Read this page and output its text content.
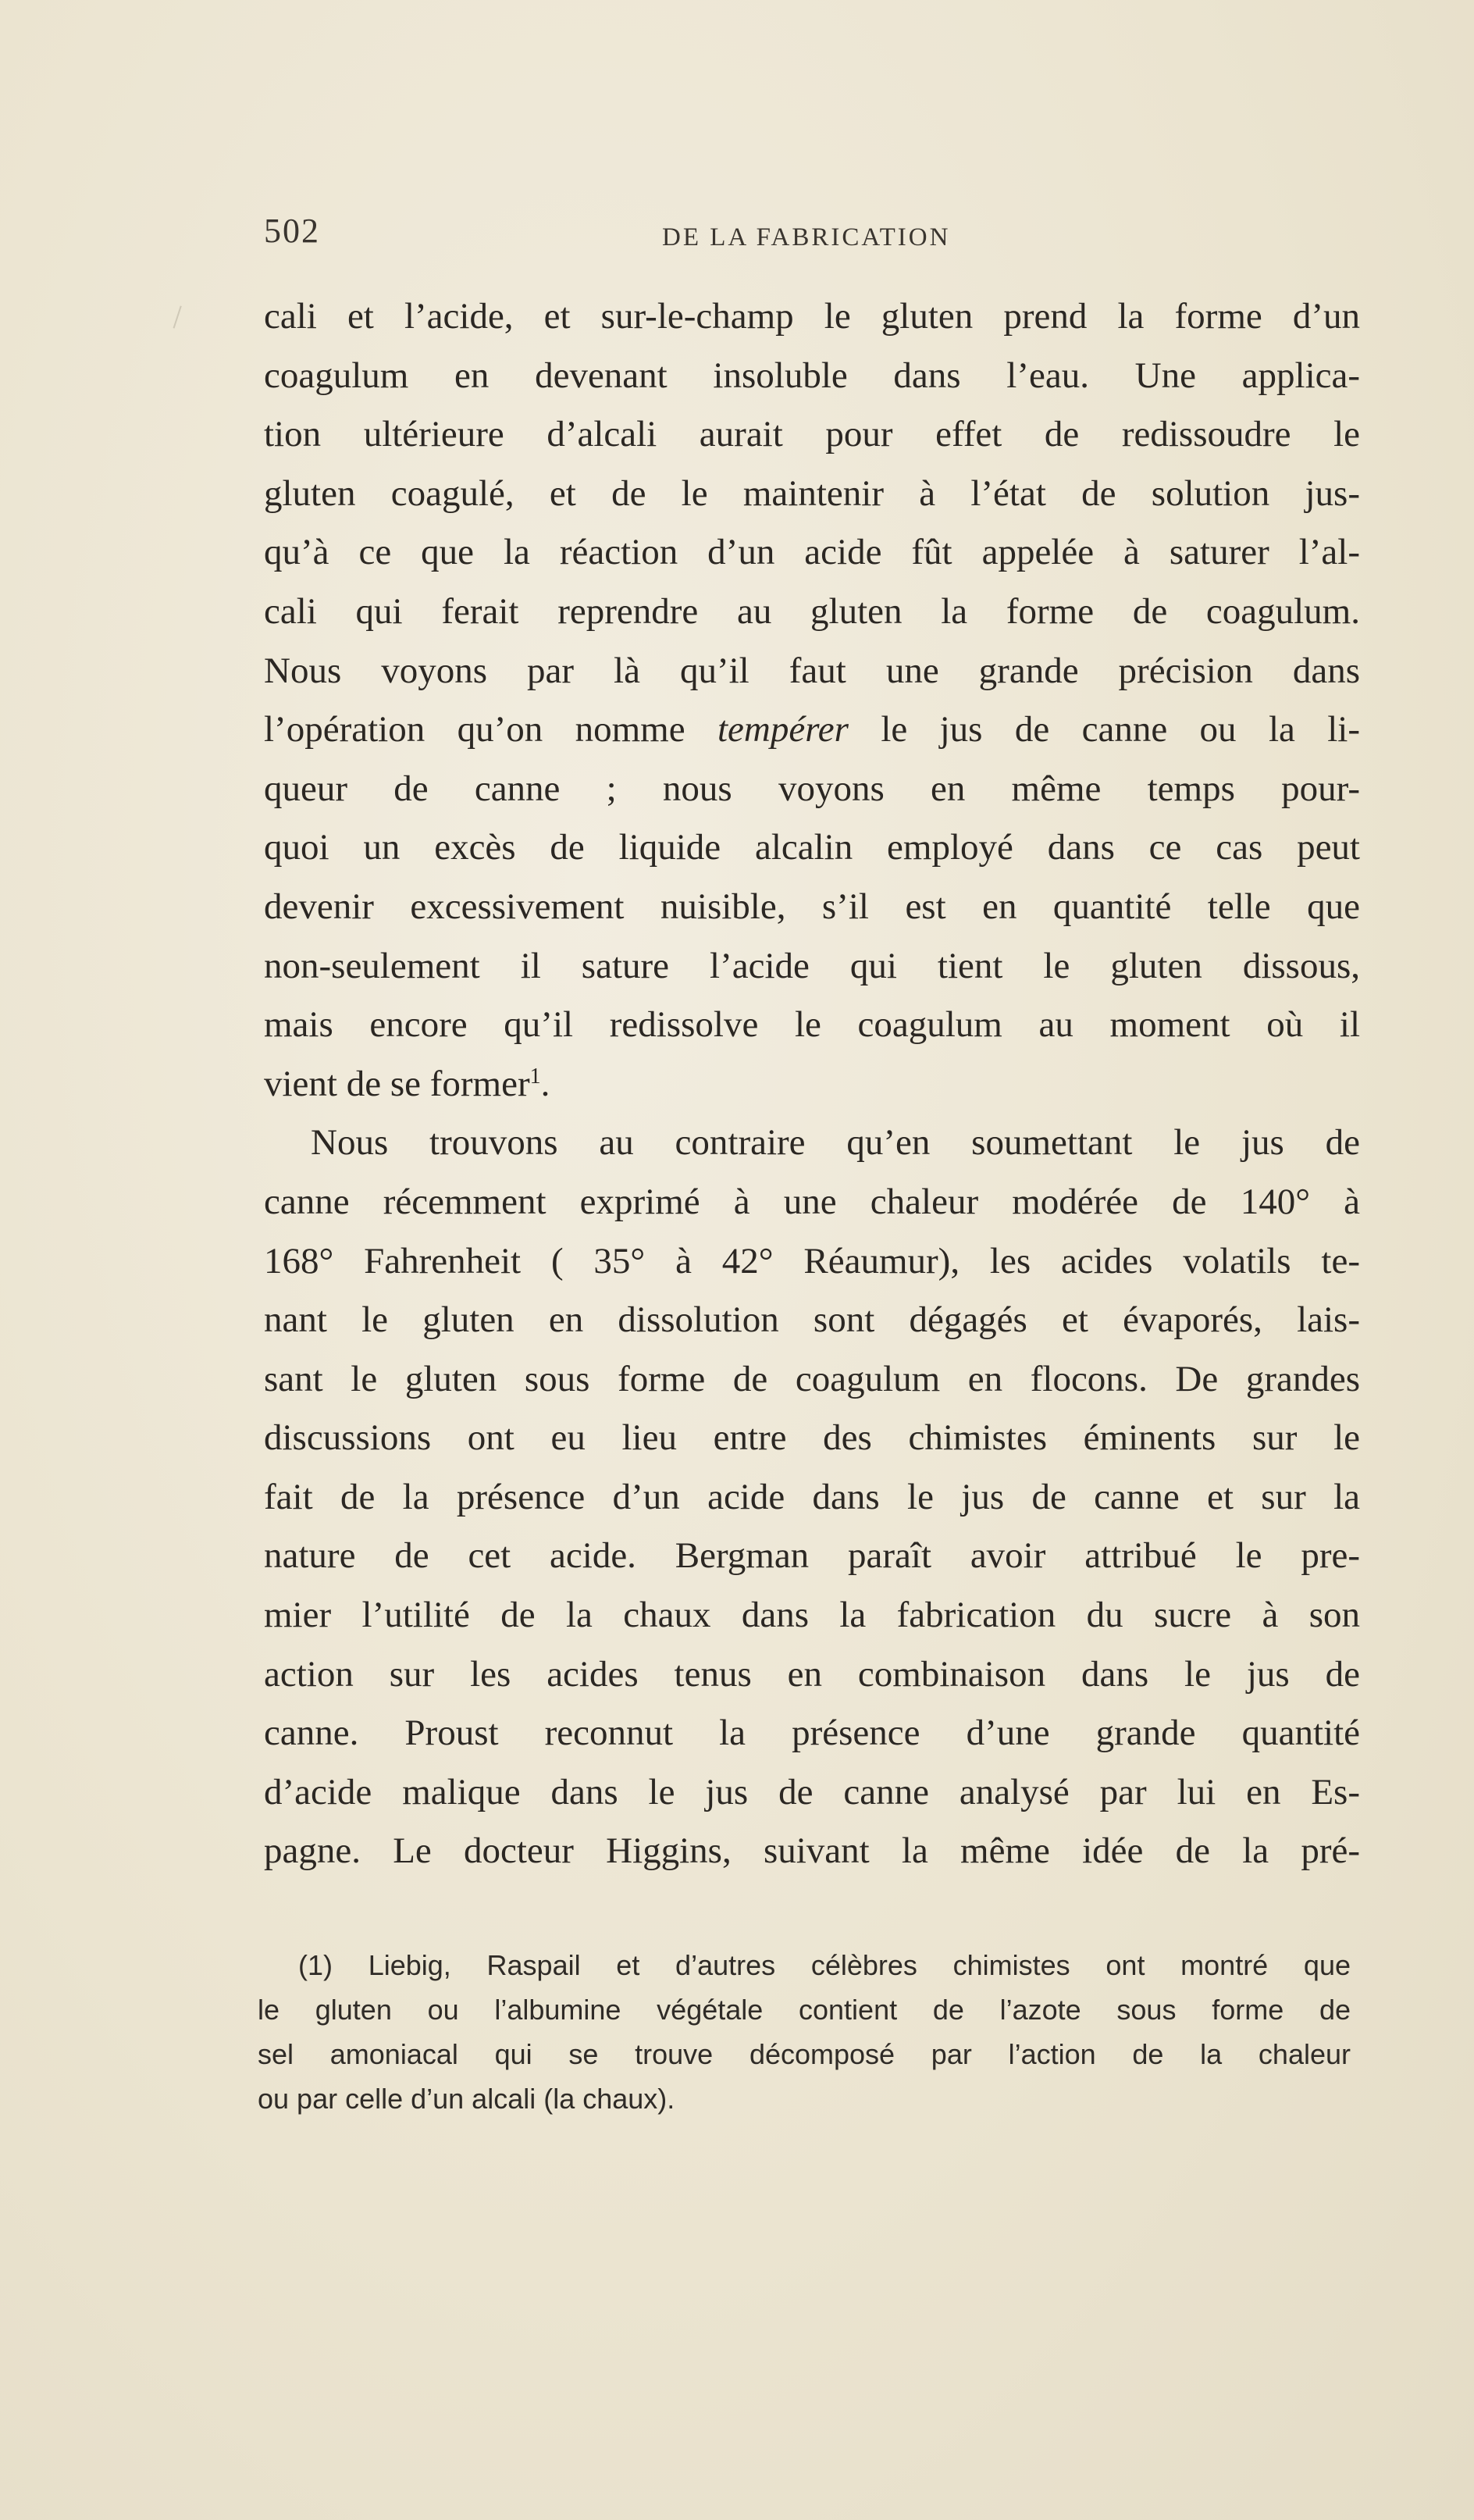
502	DE LA FABRICATION
cali et l’acide, et sur-le-champ le gluten prend la forme d’un
coagulum en devenant insoluble dans l’eau. Une applica-
tion ultérieure d’alcali aurait pour effet de redissoudre le
gluten coagulé, et de le maintenir à l’état de solution jus-
qu’à ce que la réaction d’un acide fût appelée à saturer l’al-
cali qui ferait reprendre au gluten la forme de coagulum.
Nous voyons par là qu’il faut une grande précision dans
l’opération qu’on nomme tempérer le jus de canne ou la li-
queur de canne ; nous voyons en même temps pour-
quoi un excès de liquide alcalin employé dans ce cas peut
devenir excessivement nuisible, s’il est en quantité telle que
non-seulement il sature l’acide qui tient le gluten dissous,
mais encore qu’il redissolve le coagulum au moment où il
vient de se former$^1$.
Nous trouvons au contraire qu’en soumettant le jus de
canne récemment exprimé à une chaleur modérée de 140° à
168° Fahrenheit ( 35° à 42° Réaumur), les acides volatils te-
nant le gluten en dissolution sont dégagés et évaporés, lais-
sant le gluten sous forme de coagulum en flocons. De grandes
discussions ont eu lieu entre des chimistes éminents sur le
fait de la présence d’un acide dans le jus de canne et sur la
nature de cet acide. Bergman paraît avoir attribué le pre-
mier l’utilité de la chaux dans la fabrication du sucre à son
action sur les acides tenus en combinaison dans le jus de
canne. Proust reconnut la présence d’une grande quantité
d’acide malique dans le jus de canne analysé par lui en Es-
pagne. Le docteur Higgins, suivant la même idée de la pré-
(1) Liebig, Raspail et d’autres célèbres chimistes ont montré que
le gluten ou l’albumine végétale contient de l’azote sous forme de
sel amoniacal qui se trouve décomposé par l’action de la chaleur
ou par celle d’un alcali (la chaux).
